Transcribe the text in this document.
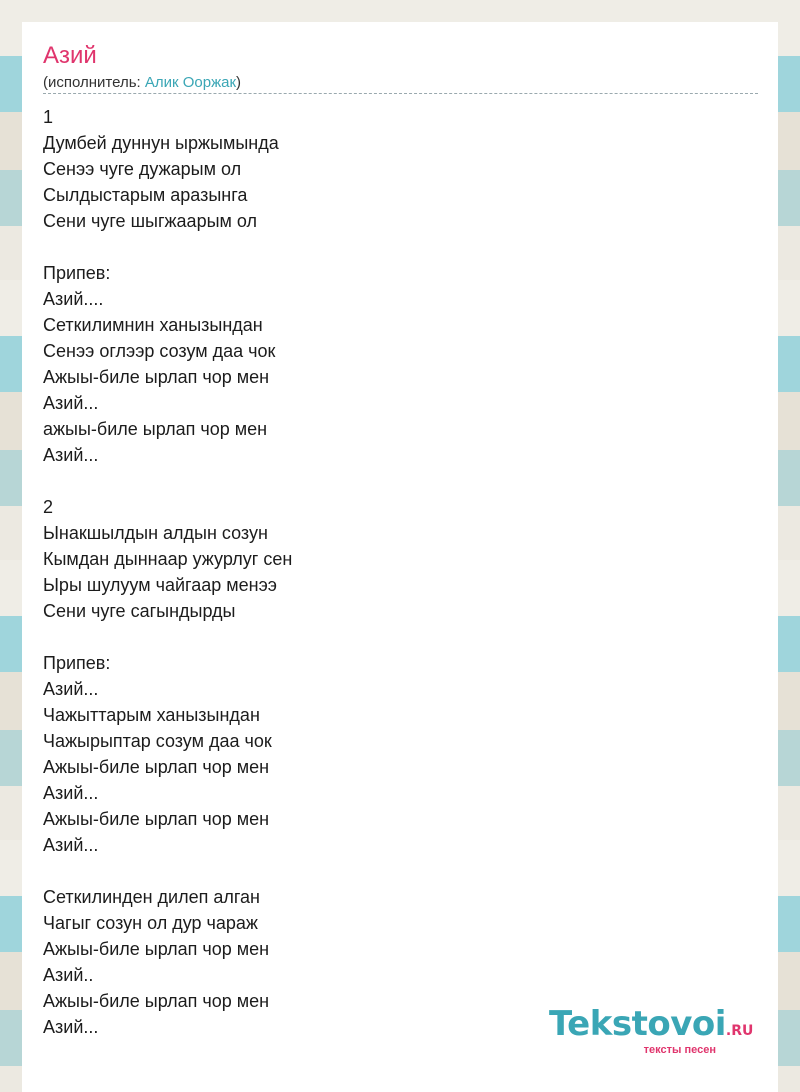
Азий
(исполнитель: Алик Ооржак)
1
Думбей дуннун ыржымында
Сенээ чуге дужарым ол
Сылдыстарым аразынга
Сени чуге шыгжаарым ол
Припев:
Азий....
Сеткилимнин ханызындан
Сенээ оглээр созум даа чок
Ажыы-биле ырлап чор мен
Азий...
ажыы-биле ырлап чор мен
Азий...
2
Ынакшылдын алдын созун
Кымдан дыннаар ужурлуг сен
Ыры шулуум чайгаар менээ
Сени чуге сагындырды
Припев:
Азий...
Чажыттарым ханызындан
Чажырыптар созум даа чок
Ажыы-биле ырлап чор мен
Азий...
Ажыы-биле ырлап чор мен
Азий...
Сеткилинден дилеп алган
Чагыг созун ол дур чараж
Ажыы-биле ырлап чор мен
Азий..
Ажыы-биле ырлап чор мен
Азий...	Tekstovoi.RU
тексты песен
